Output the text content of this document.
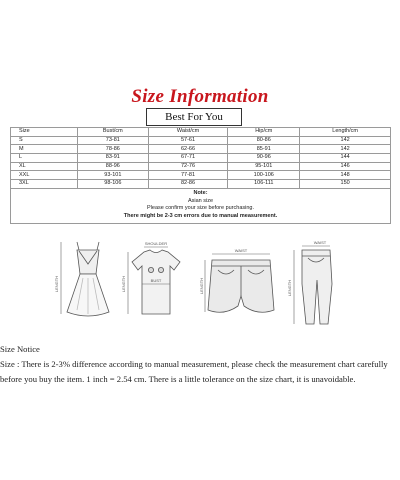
Size Information
Best For You
Size	Bust/cm	Waist/cm	Hip/cm	Length/cm
S	73-81	57-61	80-86	142
M	78-86	62-66	85-91	142
L	83-91	67-71	90-96	144
XL	88-96	72-76	95-101	146
XXL	93-101	77-81	100-106	148
3XL	98-106	82-86	106-111	150

Note:
Asian size
Please confirm your size before purchasing.
There might be 2-3 cm errors due to manual measurement.				
LENGTH
SHOULDER
BUST
LENGTH
WAIST
LENGTH
WAIST
LENGTH

Size Notice

Size : There is 2-3% difference according to manual measurement, please check the measurement chart carefully before you buy the item. 1 inch = 2.54 cm. There is a little tolerance on the size chart, it is unavoidable.
